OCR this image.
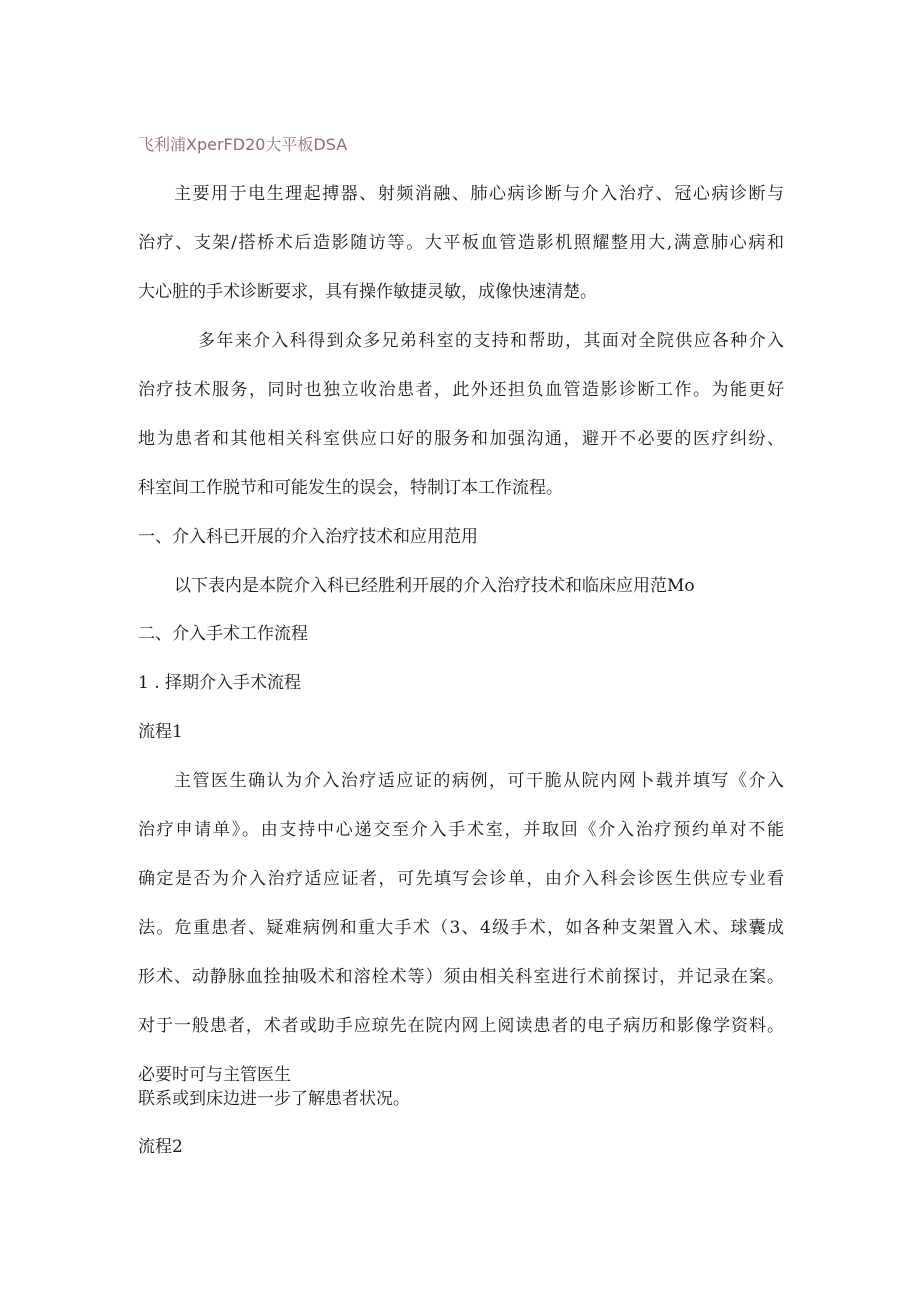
飞利浦XperFD20大平板DSA

主要用于电生理起搏器、射频消融、肺心病诊断与介入治疗、冠心病诊断与

治疗、支架/搭桥术后造影随访等。大平板血管造影机照耀整用大,满意肺心病和

大心脏的手术诊断要求，具有操作敏捷灵敏，成像快速清楚。

多年来介入科得到众多兄弟科室的支持和帮助，其面对全院供应各种介入

治疗技术服务，同时也独立收治患者，此外还担负血管造影诊断工作。为能更好

地为患者和其他相关科室供应口好的服务和加强沟通，避开不必要的医疗纠纷、

科室间工作脱节和可能发生的误会，特制订本工作流程。

一、介入科已开展的介入治疗技术和应用范用

以下表内是本院介入科已经胜利开展的介入治疗技术和临床应用范Mo

二、介入手术工作流程

1 . 择期介入手术流程

流程1

主管医生确认为介入治疗适应证的病例，可干脆从院内网卜载并填写《介入

治疗申请单》。由支持中心递交至介入手术室，并取回《介入治疗预约单对不能

确定是否为介入治疗适应证者，可先填写会诊单，由介入科会诊医生供应专业看

法。危重患者、疑难病例和重大手术（3、4级手术，如各种支架置入术、球囊成

形术、动静脉血拴抽吸术和溶栓术等）须由相关科室进行术前探讨，并记录在案。

对于一般患者，术者或助手应琼先在院内网上阅读患者的电子病历和影像学资料。

必要时可与主管医生

联系或到床边进一步了解患者状况。

流程2
